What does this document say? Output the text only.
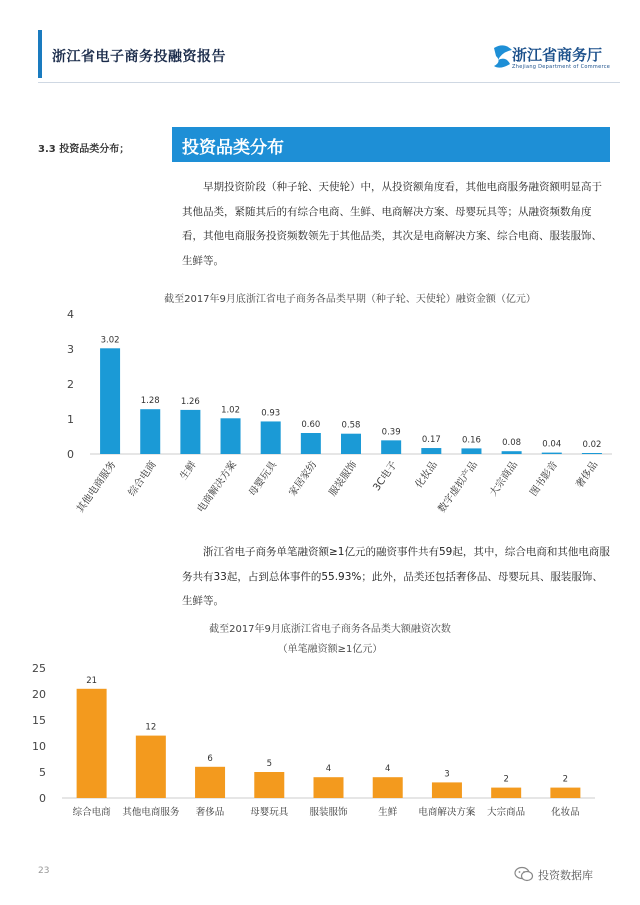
浙江省电子商务投融资报告	浙江省商务厅
Zhejiang Department of Commerce
3.3 投资品类分布；	投资品类分布
早期投资阶段（种子轮、天使轮）中，从投资额角度看，其他电商服务融资额明显高于其他品类，紧随其后的有综合电商、生鲜、电商解决方案、母婴玩具等；从融资频数角度看，其他电商服务投资频数领先于其他品类，其次是电商解决方案、综合电商、服装服饰、生鲜等。
截至2017年9月底浙江省电子商务各品类早期（种子轮、天使轮）融资金额（亿元）
0
1
2
3
4
3.02
其他电商服务
1.28
综合电商
1.26
生鲜
1.02
电商解决方案
0.93
母婴玩具
0.60
家居家纺
0.58
服装服饰
0.39
3C电子
0.17
化妆品
0.16
数字虚拟产品
0.08
大宗商品
0.04
图书影音
0.02
奢侈品
浙江省电子商务单笔融资额≥1亿元的融资事件共有59起，其中，综合电商和其他电商服务共有33起，占到总体事件的55.93%；此外，品类还包括奢侈品、母婴玩具、服装服饰、生鲜等。
截至2017年9月底浙江省电子商务各品类大额融资次数
（单笔融资额≥1亿元）
0
5
10
15
20
25
21
综合电商
12
其他电商服务
6
奢侈品
5
母婴玩具
4
服装服饰
4
生鲜
3
电商解决方案
2
大宗商品
2
化妆品
23	投资数据库
